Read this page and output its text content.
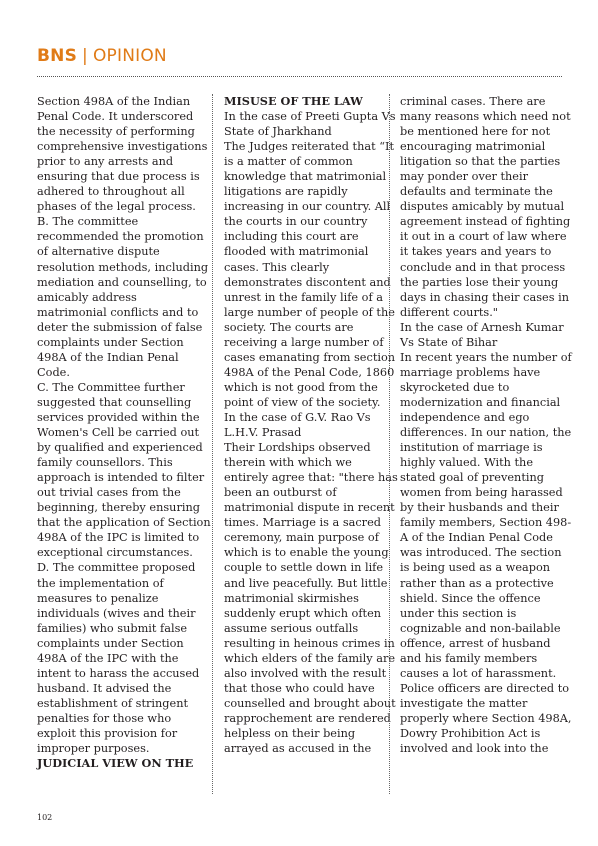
BNS | OPINION
Section 498A of the Indian
Penal Code. It underscored
the necessity of performing
comprehensive investigations
prior to any arrests and
ensuring that due process is
adhered to throughout all
phases of the legal process.
B. The committee
recommended the promotion
of alternative dispute
resolution methods, including
mediation and counselling, to
amicably address
matrimonial conflicts and to
deter the submission of false
complaints under Section
498A of the Indian Penal
Code.
C. The Committee further
suggested that counselling
services provided within the
Women's Cell be carried out
by qualified and experienced
family counsellors. This
approach is intended to filter
out trivial cases from the
beginning, thereby ensuring
that the application of Section
498A of the IPC is limited to
exceptional circumstances.
D. The committee proposed
the implementation of
measures to penalize
individuals (wives and their
families) who submit false
complaints under Section
498A of the IPC with the
intent to harass the accused
husband. It advised the
establishment of stringent
penalties for those who
exploit this provision for
improper purposes.
JUDICIAL VIEW ON THE
MISUSE OF THE LAW
In the case of Preeti Gupta Vs
State of Jharkhand
The Judges reiterated that “It
is a matter of common
knowledge that matrimonial
litigations are rapidly
increasing in our country. All
the courts in our country
including this court are
flooded with matrimonial
cases. This clearly
demonstrates discontent and
unrest in the family life of a
large number of people of the
society. The courts are
receiving a large number of
cases emanating from section
498A of the Penal Code, 1860
which is not good from the
point of view of the society.
In the case of G.V. Rao Vs
L.H.V. Prasad
Their Lordships observed
therein with which we
entirely agree that: "there has
been an outburst of
matrimonial dispute in recent
times. Marriage is a sacred
ceremony, main purpose of
which is to enable the young
couple to settle down in life
and live peacefully. But little
matrimonial skirmishes
suddenly erupt which often
assume serious outfalls
resulting in heinous crimes in
which elders of the family are
also involved with the result
that those who could have
counselled and brought about
rapprochement are rendered
helpless on their being
arrayed as accused in the
criminal cases. There are
many reasons which need not
be mentioned here for not
encouraging matrimonial
litigation so that the parties
may ponder over their
defaults and terminate the
disputes amicably by mutual
agreement instead of fighting
it out in a court of law where
it takes years and years to
conclude and in that process
the parties lose their young
days in chasing their cases in
different courts."
In the case of Arnesh Kumar
Vs State of Bihar
In recent years the number of
marriage problems have
skyrocketed due to
modernization and financial
independence and ego
differences. In our nation, the
institution of marriage is
highly valued. With the
stated goal of preventing
women from being harassed
by their husbands and their
family members, Section 498-
A of the Indian Penal Code
was introduced. The section
is being used as a weapon
rather than as a protective
shield. Since the offence
under this section is
cognizable and non-bailable
offence, arrest of husband
and his family members
causes a lot of harassment.
Police officers are directed to
investigate the matter
properly where Section 498A,
Dowry Prohibition Act is
involved and look into the
102
